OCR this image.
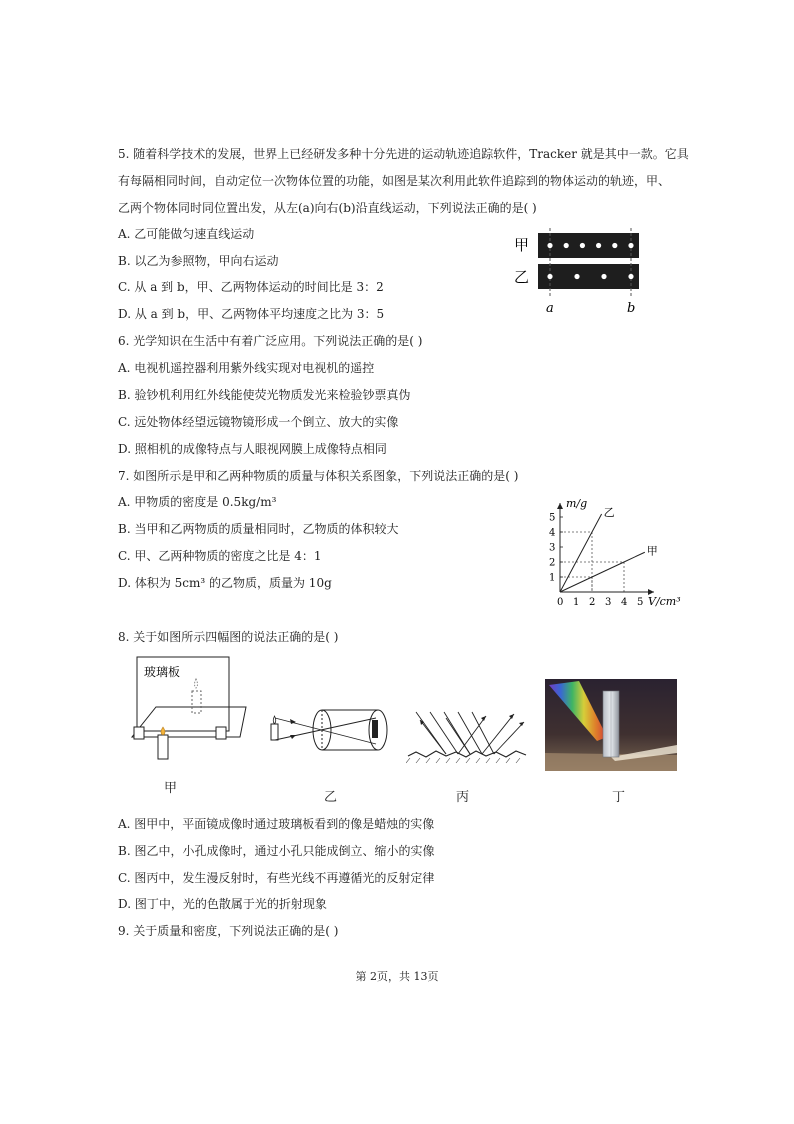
5. 随着科学技术的发展，世界上已经研发多种十分先进的运动轨迹追踪软件，Tracker 就是其中一款。它具
有每隔相同时间，自动定位一次物体位置的功能，如图是某次利用此软件追踪到的物体运动的轨迹，甲、
乙两个物体同时同位置出发，从左(a)向右(b)沿直线运动，下列说法正确的是( )
A. 乙可能做匀速直线运动
B. 以乙为参照物，甲向右运动
C. 从 a 到 b，甲、乙两物体运动的时间比是 3：2
D. 从 a 到 b，甲、乙两物体平均速度之比为 3：5
甲
乙
a	b
6. 光学知识在生活中有着广泛应用。下列说法正确的是( )
A. 电视机遥控器利用紫外线实现对电视机的遥控
B. 验钞机利用红外线能使荧光物质发光来检验钞票真伪
C. 远处物体经望远镜物镜形成一个倒立、放大的实像
D. 照相机的成像特点与人眼视网膜上成像特点相同
7. 如图所示是甲和乙两种物质的质量与体积关系图象，下列说法正确的是( )
A. 甲物质的密度是 0.5kg/m³
B. 当甲和乙两物质的质量相同时，乙物质的体积较大
C. 甲、乙两种物质的密度之比是 4：1
D. 体积为 5cm³ 的乙物质，质量为 10g
乙
甲
0 1 2 3 4 5
1
2
3
4
5
m/g
V/cm³
8. 关于如图所示四幅图的说法正确的是( )
玻璃板
甲
乙	丙	丁
A. 图甲中，平面镜成像时通过玻璃板看到的像是蜡烛的实像
B. 图乙中，小孔成像时，通过小孔只能成倒立、缩小的实像
C. 图丙中，发生漫反射时，有些光线不再遵循光的反射定律
D. 图丁中，光的色散属于光的折射现象
9. 关于质量和密度，下列说法正确的是( )
第 2页，共 13页
